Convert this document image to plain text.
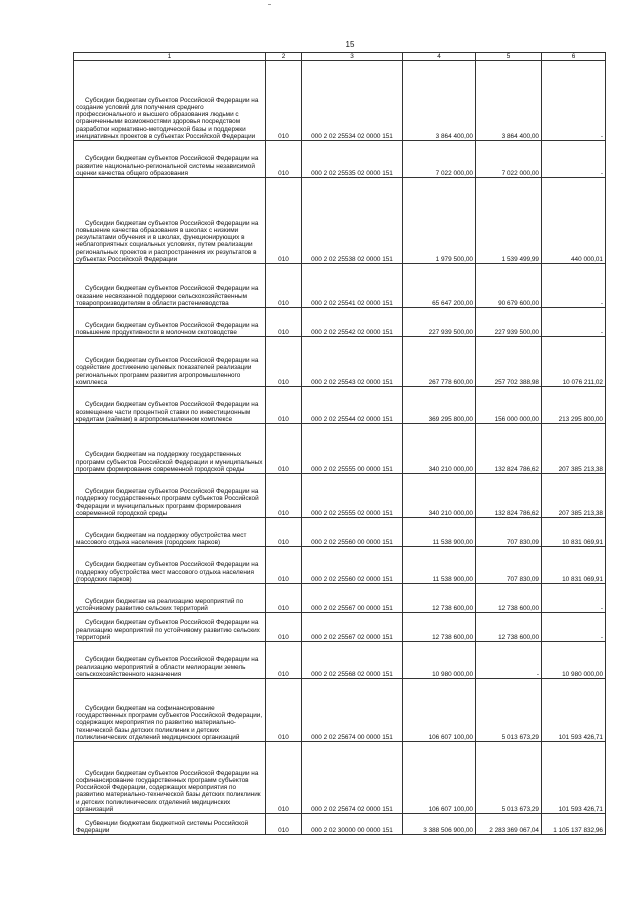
15
1	2	3	4	5	6

Субсидии бюджетам субъектов Российской Федерации на создание условий для получения среднего профессионального и высшего образования людьми с ограниченными возможностями здоровья посредством разработки нормативно-методической базы и поддержки инициативных проектов в субъектах Российской Федерации	010	000 2 02 25534 02 0000 151	3 864 400,00	3 864 400,00	-

Субсидии бюджетам субъектов Российской Федерации на развитие национально-региональной системы независимой оценки качества общего образования	010	000 2 02 25535 02 0000 151	7 022 000,00	7 022 000,00	-

Субсидии бюджетам субъектов Российской Федерации на повышение качества образования в школах с низкими результатами обучения и в школах, функционирующих в неблагоприятных социальных условиях, путем реализации региональных проектов и распространения их результатов в субъектах Российской Федерации	010	000 2 02 25538 02 0000 151	1 979 500,00	1 539 499,99	440 000,01

Субсидии бюджетам субъектов Российской Федерации на оказание несвязанной поддержки сельскохозяйственным товаропроизводителям в области растениеводства	010	000 2 02 25541 02 0000 151	65 647 200,00	90 679 600,00	-

Субсидии бюджетам субъектов Российской Федерации на повышение продуктивности в молочном скотоводстве	010	000 2 02 25542 02 0000 151	227 939 500,00	227 939 500,00	-

Субсидии бюджетам субъектов Российской Федерации на содействие достижению целевых показателей реализации региональных программ развития агропромышленного комплекса	010	000 2 02 25543 02 0000 151	267 778 600,00	257 702 388,98	10 076 211,02

Субсидии бюджетам субъектов Российской Федерации на возмещение части процентной ставки по инвестиционным кредитам (займам) в агропромышленном комплексе	010	000 2 02 25544 02 0000 151	369 295 800,00	156 000 000,00	213 295 800,00

Субсидии бюджетам на поддержку государственных программ субъектов Российской Федерации и муниципальных программ формирования современной городской среды	010	000 2 02 25555 00 0000 151	340 210 000,00	132 824 786,62	207 385 213,38

Субсидии бюджетам субъектов Российской Федерации на поддержку государственных программ субъектов Российской Федерации и муниципальных программ формирования современной городской среды	010	000 2 02 25555 02 0000 151	340 210 000,00	132 824 786,62	207 385 213,38

Субсидии бюджетам на поддержку обустройства мест массового отдыха населения (городских парков)	010	000 2 02 25560 00 0000 151	11 538 900,00	707 830,09	10 831 069,91

Субсидии бюджетам субъектов Российской Федерации на поддержку обустройства мест массового отдыха населения (городских парков)	010	000 2 02 25560 02 0000 151	11 538 900,00	707 830,09	10 831 069,91

Субсидии бюджетам на реализацию мероприятий по устойчивому развитию сельских территорий	010	000 2 02 25567 00 0000 151	12 738 600,00	12 738 600,00	-

Субсидии бюджетам субъектов Российской Федерации на реализацию мероприятий по устойчивому развитию сельских территорий	010	000 2 02 25567 02 0000 151	12 738 600,00	12 738 600,00	-

Субсидии бюджетам субъектов Российской Федерации на реализацию мероприятий в области мелиорации земель сельскохозяйственного назначения	010	000 2 02 25568 02 0000 151	10 980 000,00	-	10 980 000,00

Субсидии бюджетам на софинансирование государственных программ субъектов Российской Федерации, содержащих мероприятия по развитию материально-технической базы детских поликлиник и детских поликлинических отделений медицинских организаций	010	000 2 02 25674 00 0000 151	106 607 100,00	5 013 673,29	101 593 426,71

Субсидии бюджетам субъектов Российской Федерации на софинансирование государственных программ субъектов Российской Федерации, содержащих мероприятия по развитию материально-технической базы детских поликлиник и детских поликлинических отделений медицинских организаций	010	000 2 02 25674 02 0000 151	106 607 100,00	5 013 673,29	101 593 426,71

Субвенции бюджетам бюджетной системы Российской Федерации	010	000 2 02 30000 00 0000 151	3 388 506 900,00	2 283 369 067,04	1 105 137 832,96
